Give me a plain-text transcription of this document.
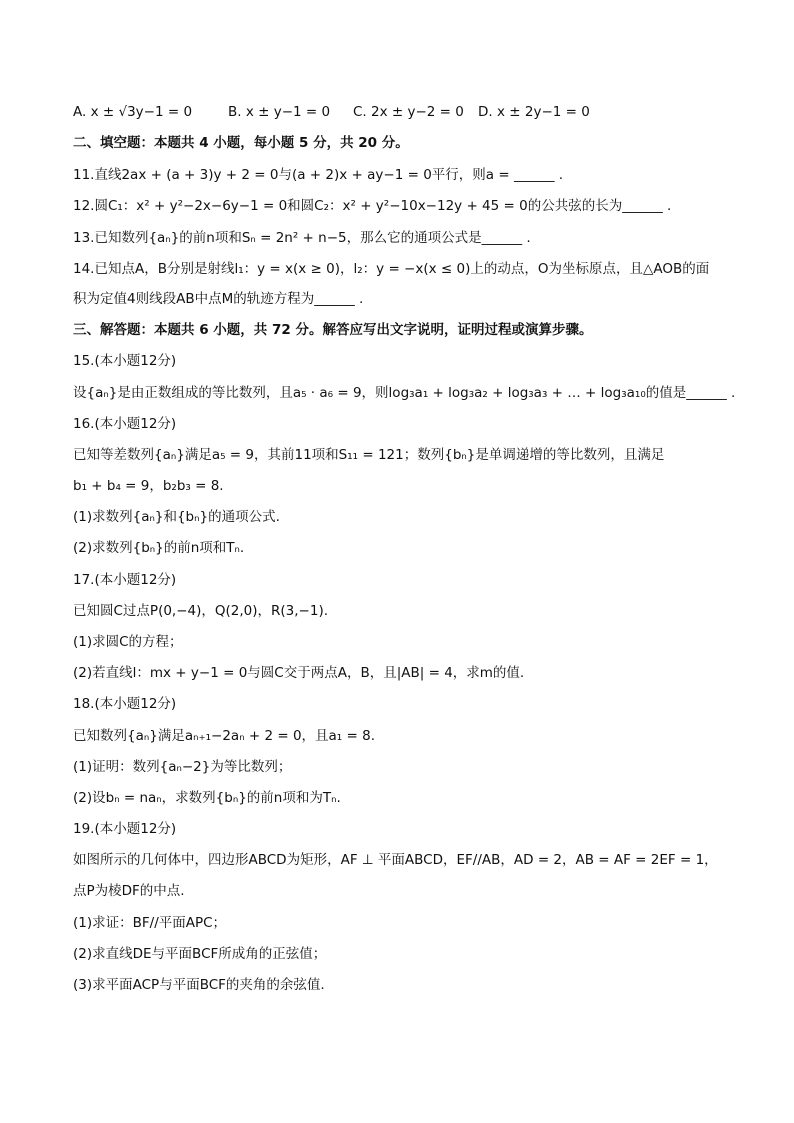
A. x ± √3y−1 = 0	B. x ± y−1 = 0	C. 2x ± y−2 = 0	D. x ± 2y−1 = 0
二、填空题：本题共 4 小题，每小题 5 分，共 20 分。
11.直线2ax + (a + 3)y + 2 = 0与(a + 2)x + ay−1 = 0平行，则a = ______ .
12.圆C₁：x² + y²−2x−6y−1 = 0和圆C₂：x² + y²−10x−12y + 45 = 0的公共弦的长为______ .
13.已知数列{aₙ}的前n项和Sₙ = 2n² + n−5，那么它的通项公式是______ .
14.已知点A，B分别是射线l₁：y = x(x ≥ 0)，l₂：y = −x(x ≤ 0)上的动点，O为坐标原点，且△AOB的面
积为定值4则线段AB中点M的轨迹方程为______ .
三、解答题：本题共 6 小题，共 72 分。解答应写出文字说明，证明过程或演算步骤。
15.(本小题12分)
设{aₙ}是由正数组成的等比数列，且a₅ · a₆ = 9，则log₃a₁ + log₃a₂ + log₃a₃ + … + log₃a₁₀的值是______ .
16.(本小题12分)
已知等差数列{aₙ}满足a₅ = 9，其前11项和S₁₁ = 121；数列{bₙ}是单调递增的等比数列，且满足
b₁ + b₄ = 9，b₂b₃ = 8.
(1)求数列{aₙ}和{bₙ}的通项公式.
(2)求数列{bₙ}的前n项和Tₙ.
17.(本小题12分)
已知圆C过点P(0,−4)，Q(2,0)，R(3,−1).
(1)求圆C的方程；
(2)若直线l：mx + y−1 = 0与圆C交于两点A，B，且|AB| = 4，求m的值.
18.(本小题12分)
已知数列{aₙ}满足aₙ₊₁−2aₙ + 2 = 0，且a₁ = 8.
(1)证明：数列{aₙ−2}为等比数列；
(2)设bₙ = naₙ，求数列{bₙ}的前n项和为Tₙ.
19.(本小题12分)
如图所示的几何体中，四边形ABCD为矩形，AF ⊥ 平面ABCD，EF//AB，AD = 2，AB = AF = 2EF = 1，
点P为棱DF的中点.
(1)求证：BF//平面APC；
(2)求直线DE与平面BCF所成角的正弦值；
(3)求平面ACP与平面BCF的夹角的余弦值.
